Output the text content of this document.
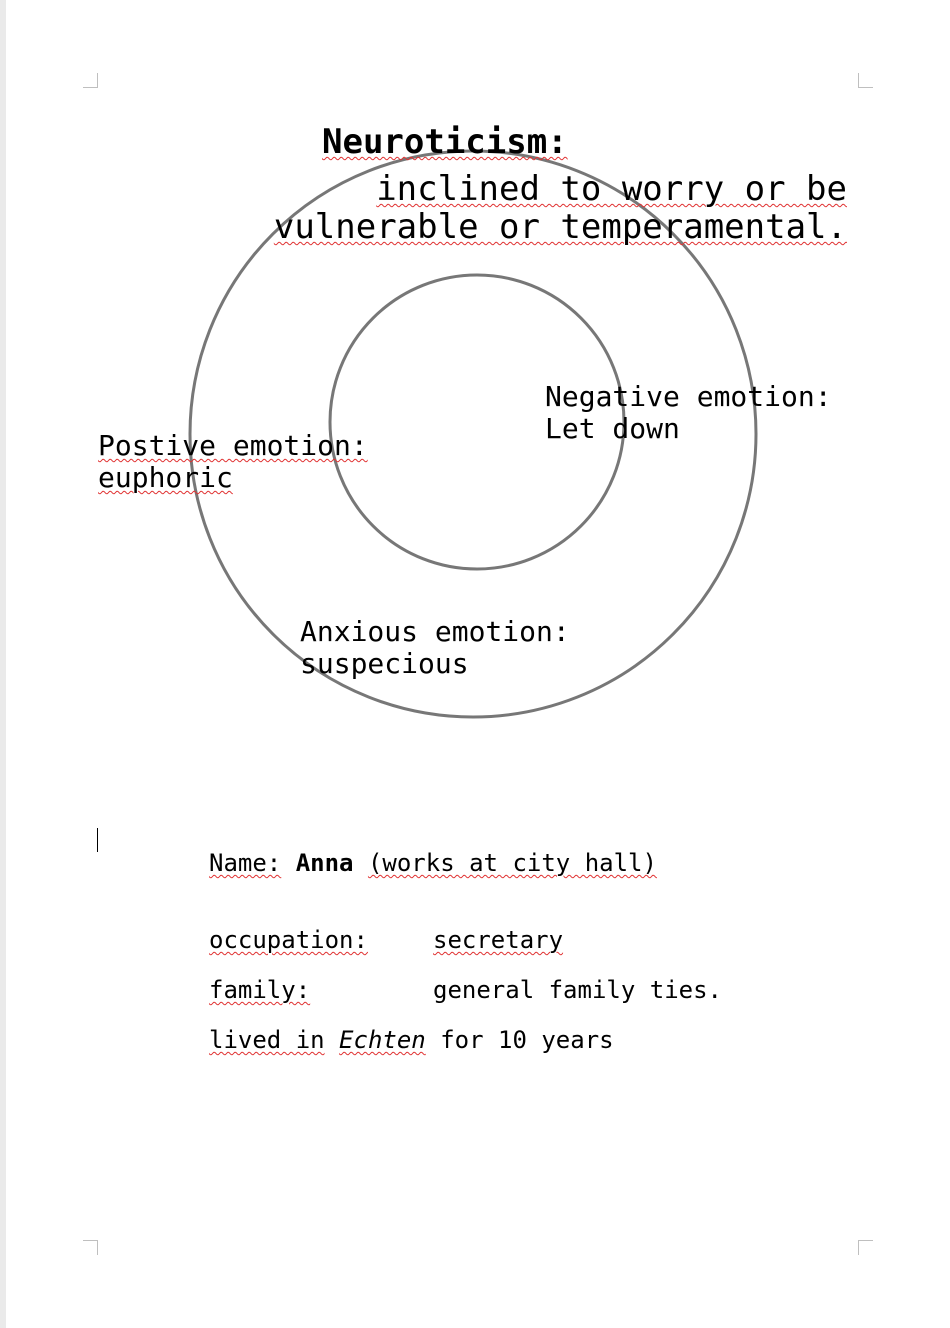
Neuroticism:
inclined to worry or be
vulnerable or temperamental.
Negative emotion:
Let down
Postive emotion:
euphoric
Anxious emotion:
suspecious
Name: Anna (works at city hall)
occupation:	secretary
family:	general family ties.
lived in Echten for 10 years
